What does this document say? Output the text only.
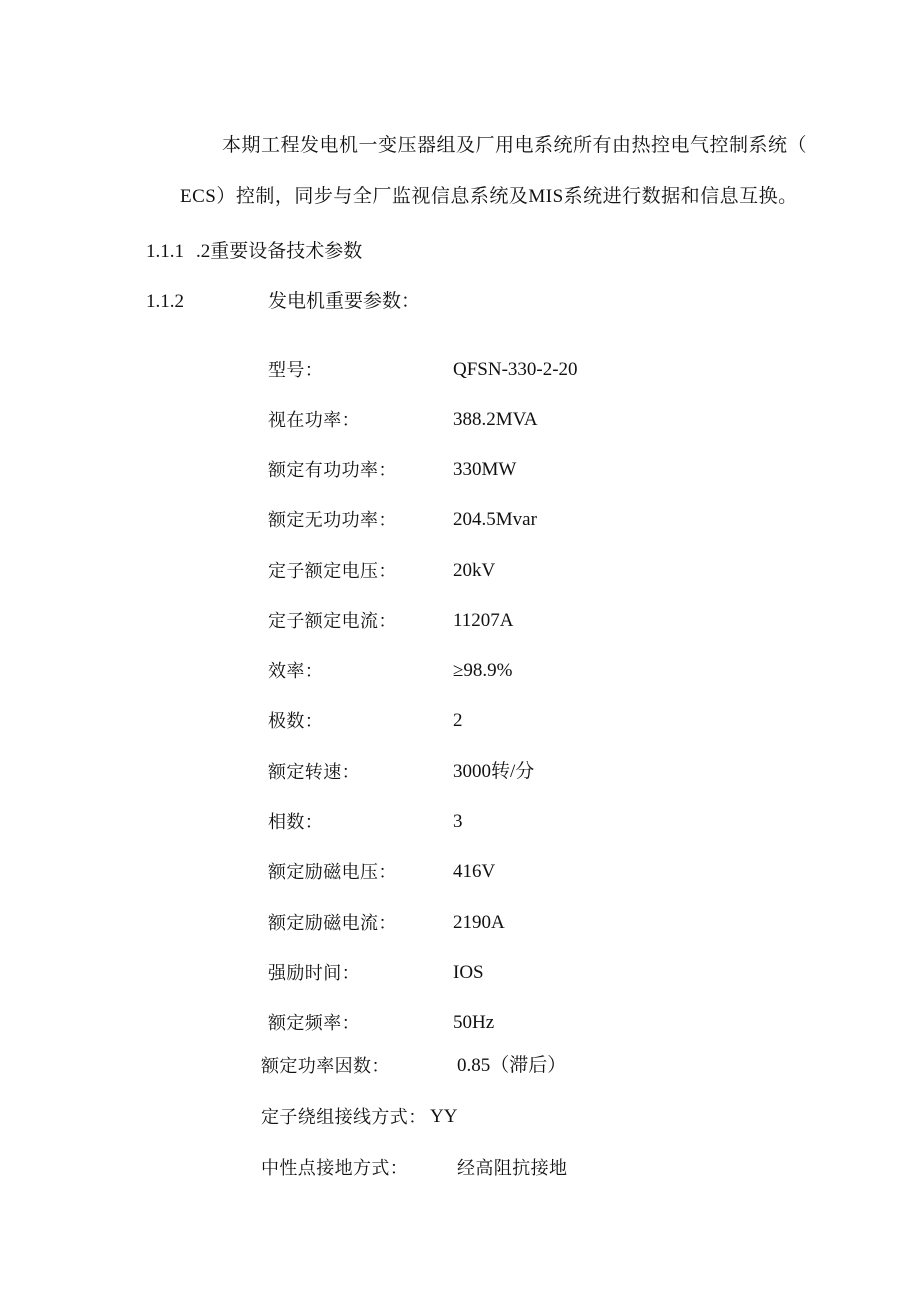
本期工程发电机一变压器组及厂用电系统所有由热控电气控制系统（
ECS）控制，同步与全厂监视信息系统及MIS系统进行数据和信息互换。
1.1.1 .2重要设备技术参数
1.1.2	发电机重要参数：
型号：	QFSN-330-2-20
视在功率：	388.2MVA
额定有功功率：	330MW
额定无功功率：	204.5Mvar
定子额定电压：	20kV
定子额定电流：	11207A
效率：	≥98.9%
极数：	2
额定转速：	3000转/分
相数：	3
额定励磁电压：	416V
额定励磁电流：	2190A
强励时间：	IOS
额定频率：	50Hz
额定功率因数：	0.85（滞后）
定子绕组接线方式： YY
中性点接地方式：	经高阻抗接地
